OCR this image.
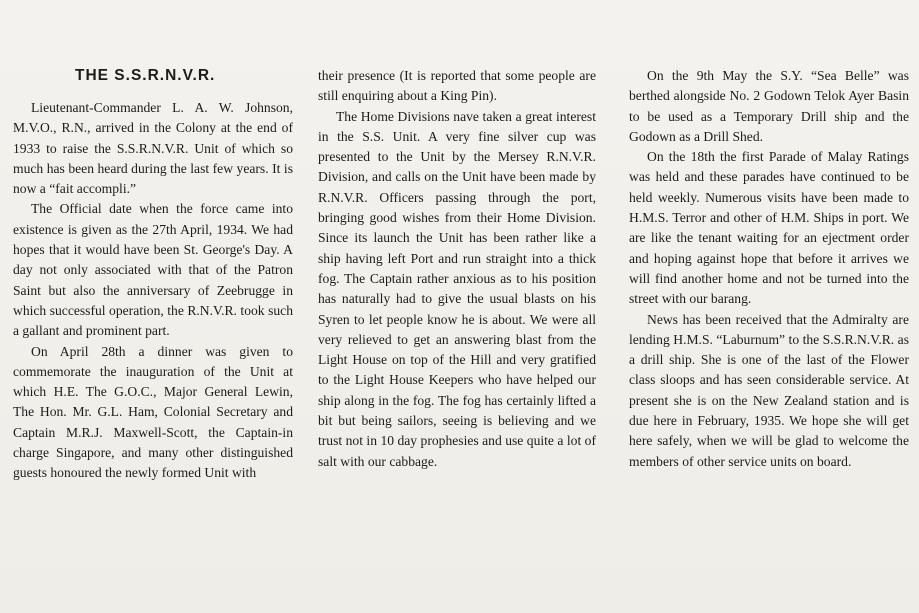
THE S.S.R.N.V.R.

Lieutenant-Commander L. A. W. Johnson, M.V.O., R.N., arrived in the Colony at the end of 1933 to raise the S.S.R.N.V.R. Unit of which so much has been heard during the last few years. It is now a “fait accompli.”

The Official date when the force came into existence is given as the 27th April, 1934. We had hopes that it would have been St. George's Day. A day not only associated with that of the Patron Saint but also the anniversary of Zeebrugge in which successful operation, the R.N.V.R. took such a gallant and prominent part.

On April 28th a dinner was given to commemorate the inauguration of the Unit at which H.E. The G.O.C., Major General Lewin, The Hon. Mr. G.L. Ham, Colonial Secretary and Captain M.R.J. Maxwell-Scott, the Captain-in charge Singapore, and many other distinguished guests honoured the newly formed Unit with

their presence (It is reported that some people are still enquiring about a King Pin).

The Home Divisions nave taken a great interest in the S.S. Unit. A very fine silver cup was presented to the Unit by the Mersey R.N.V.R. Division, and calls on the Unit have been made by R.N.V.R. Officers passing through the port, bringing good wishes from their Home Division. Since its launch the Unit has been rather like a ship having left Port and run straight into a thick fog. The Captain rather anxious as to his position has naturally had to give the usual blasts on his Syren to let people know he is about. We were all very relieved to get an answering blast from the Light House on top of the Hill and very gratified to the Light House Keepers who have helped our ship along in the fog. The fog has certainly lifted a bit but being sailors, seeing is believing and we trust not in 10 day prophesies and use quite a lot of salt with our cabbage.

On the 9th May the S.Y. “Sea Belle” was berthed alongside No. 2 Godown Telok Ayer Basin to be used as a Temporary Drill ship and the Godown as a Drill Shed.

On the 18th the first Parade of Malay Ratings was held and these parades have continued to be held weekly. Numerous visits have been made to H.M.S. Terror and other of H.M. Ships in port. We are like the tenant waiting for an ejectment order and hoping against hope that before it arrives we will find another home and not be turned into the street with our barang.

News has been received that the Admiralty are lending H.M.S. “Laburnum” to the S.S.R.N.V.R. as a drill ship. She is one of the last of the Flower class sloops and has seen considerable service. At present she is on the New Zealand station and is due here in February, 1935. We hope she will get here safely, when we will be glad to welcome the members of other service units on board.
